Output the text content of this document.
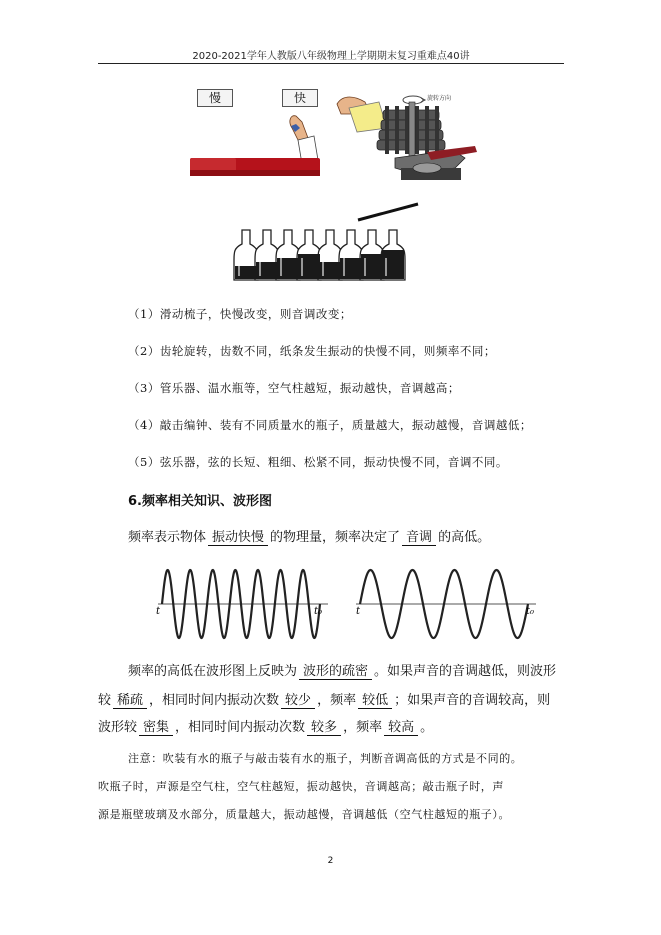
2020-2021学年人教版八年级物理上学期期末复习重难点40讲
慢	快	旋转方向
（1）滑动梳子，快慢改变，则音调改变；
（2）齿轮旋转，齿数不同，纸条发生振动的快慢不同，则频率不同；
（3）管乐器、温水瓶等，空气柱越短，振动越快，音调越高；
（4）敲击编钟、装有不同质量水的瓶子，质量越大，振动越慢，音调越低；
（5）弦乐器，弦的长短、粗细、松紧不同，振动快慢不同，音调不同。
6.频率相关知识、波形图
频率表示物体 振动快慢 的物理量，频率决定了 音调 的高低。
t	t₀	t	t₀
频率的高低在波形图上反映为 波形的疏密 。如果声音的音调越低，则波形
较 稀疏 ，相同时间内振动次数 较少 ，频率 较低 ；如果声音的音调较高，则
波形较 密集 ，相同时间内振动次数 较多 ，频率 较高 。
注意：吹装有水的瓶子与敲击装有水的瓶子，判断音调高低的方式是不同的。
吹瓶子时，声源是空气柱，空气柱越短，振动越快，音调越高；敲击瓶子时，声
源是瓶壁玻璃及水部分，质量越大，振动越慢，音调越低（空气柱越短的瓶子）。
2
